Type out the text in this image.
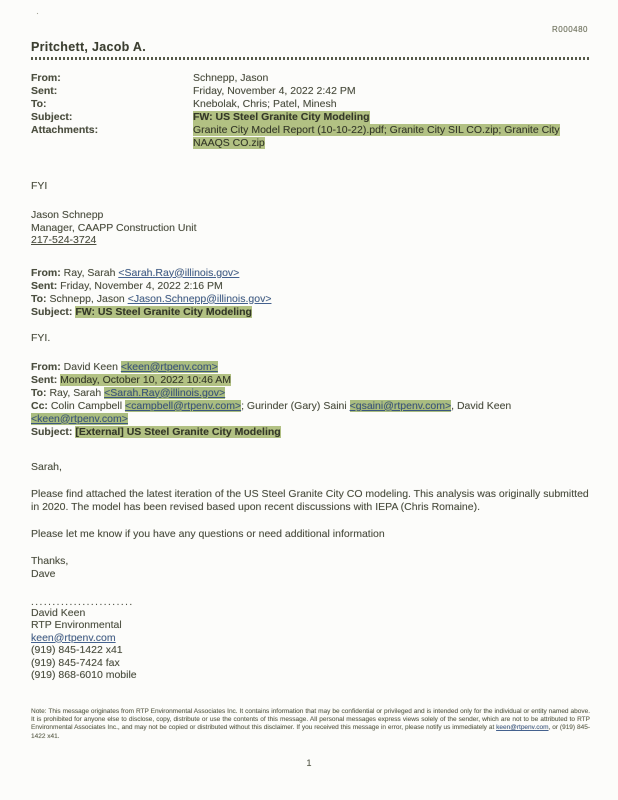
·
R000480
Pritchett, Jacob A.
From:	Schnepp, Jason
Sent:	Friday, November 4, 2022 2:42 PM
To:	Knebolak, Chris; Patel, Minesh
Subject:	FW: US Steel Granite City Modeling
Attachments:	Granite City Model Report (10-10-22).pdf; Granite City SIL CO.zip; Granite City NAAQS CO.zip
FYI
Jason Schnepp
Manager, CAAPP Construction Unit
217-524-3724
From: Ray, Sarah <Sarah.Ray@illinois.gov>
Sent: Friday, November 4, 2022 2:16 PM
To: Schnepp, Jason <Jason.Schnepp@illinois.gov>
Subject: FW: US Steel Granite City Modeling
FYI.
From: David Keen <keen@rtpenv.com>
Sent: Monday, October 10, 2022 10:46 AM
To: Ray, Sarah <Sarah.Ray@illinois.gov>
Cc: Colin Campbell <campbell@rtpenv.com>; Gurinder (Gary) Saini <gsaini@rtpenv.com>, David Keen <keen@rtpenv.com>
Subject: [External] US Steel Granite City Modeling
Sarah,
Please find attached the latest iteration of the US Steel Granite City CO modeling. This analysis was originally submitted in 2020. The model has been revised based upon recent discussions with IEPA (Chris Romaine).
Please let me know if you have any questions or need additional information
Thanks,
Dave
........................
David Keen
RTP Environmental
keen@rtpenv.com
(919) 845-1422 x41
(919) 845-7424 fax
(919) 868-6010 mobile
Note: This message originates from RTP Environmental Associates Inc. It contains information that may be confidential or privileged and is intended only for the individual or entity named above. It is prohibited for anyone else to disclose, copy, distribute or use the contents of this message. All personal messages express views solely of the sender, which are not to be attributed to RTP Environmental Associates Inc., and may not be copied or distributed without this disclaimer. If you received this message in error, please notify us immediately at keen@rtpenv.com, or (919) 845-1422 x41.
1
